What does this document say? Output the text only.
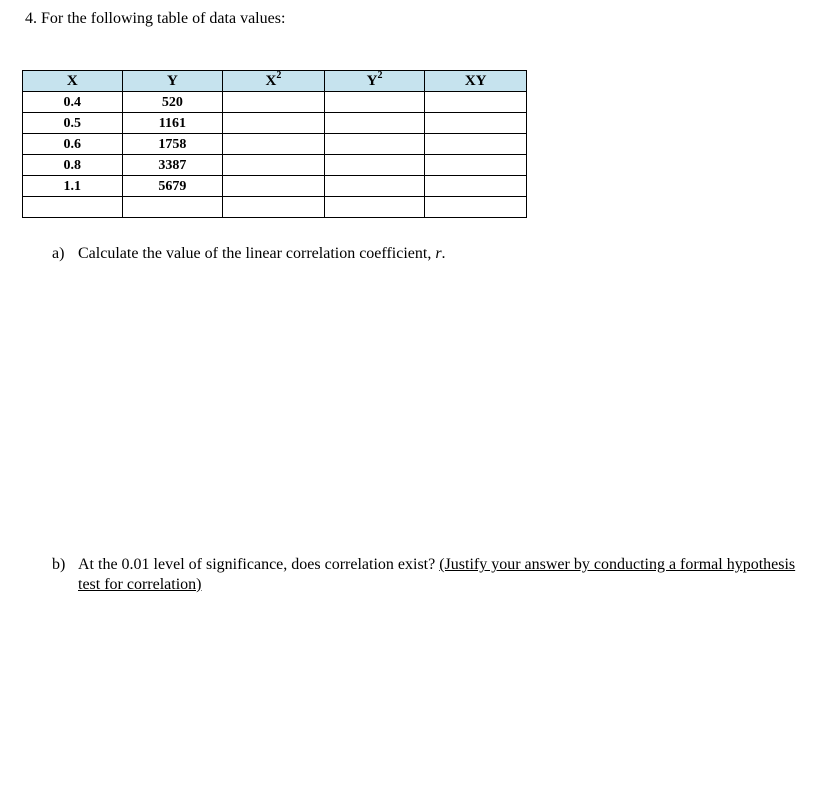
4. For the following table of data values:
X	Y	$X^2$	$Y^2$	XY
0.4	520			
0.5	1161			
0.6	1758			
0.8	3387			
1.1	5679			

a) Calculate the value of the linear correlation coefficient, r.
b) At the 0.01 level of significance, does correlation exist? (Justify your answer by conducting a formal hypothesis test for correlation)
